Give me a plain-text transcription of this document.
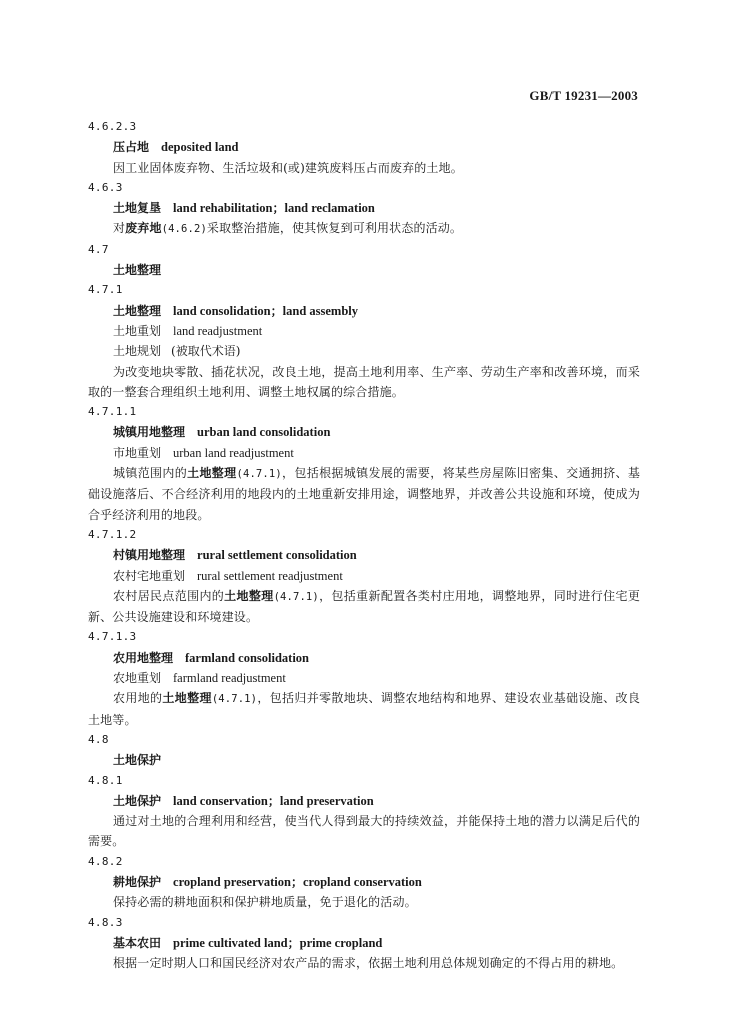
GB/T 19231—2003
4.6.2.3
压占地 deposited land
因工业固体废弃物、生活垃圾和(或)建筑废料压占而废弃的土地。
4.6.3
土地复垦 land rehabilitation；land reclamation
对废弃地(4.6.2)采取整治措施，使其恢复到可利用状态的活动。
4.7
土地整理
4.7.1
土地整理 land consolidation；land assembly
土地重划 land readjustment
土地规划 (被取代术语)
为改变地块零散、插花状况，改良土地，提高土地利用率、生产率、劳动生产率和改善环境，而采取的一整套合理组织土地利用、调整土地权属的综合措施。
4.7.1.1
城镇用地整理 urban land consolidation
市地重划 urban land readjustment
城镇范围内的土地整理(4.7.1)，包括根据城镇发展的需要，将某些房屋陈旧密集、交通拥挤、基础设施落后、不合经济利用的地段内的土地重新安排用途，调整地界，并改善公共设施和环境，使成为合乎经济利用的地段。
4.7.1.2
村镇用地整理 rural settlement consolidation
农村宅地重划 rural settlement readjustment
农村居民点范围内的土地整理(4.7.1)，包括重新配置各类村庄用地，调整地界，同时进行住宅更新、公共设施建设和环境建设。
4.7.1.3
农用地整理 farmland consolidation
农地重划 farmland readjustment
农用地的土地整理(4.7.1)，包括归并零散地块、调整农地结构和地界、建设农业基础设施、改良土地等。
4.8
土地保护
4.8.1
土地保护 land conservation；land preservation
通过对土地的合理利用和经营，使当代人得到最大的持续效益，并能保持土地的潜力以满足后代的需要。
4.8.2
耕地保护 cropland preservation；cropland conservation
保持必需的耕地面积和保护耕地质量，免于退化的活动。
4.8.3
基本农田 prime cultivated land；prime cropland
根据一定时期人口和国民经济对农产品的需求，依据土地利用总体规划确定的不得占用的耕地。
